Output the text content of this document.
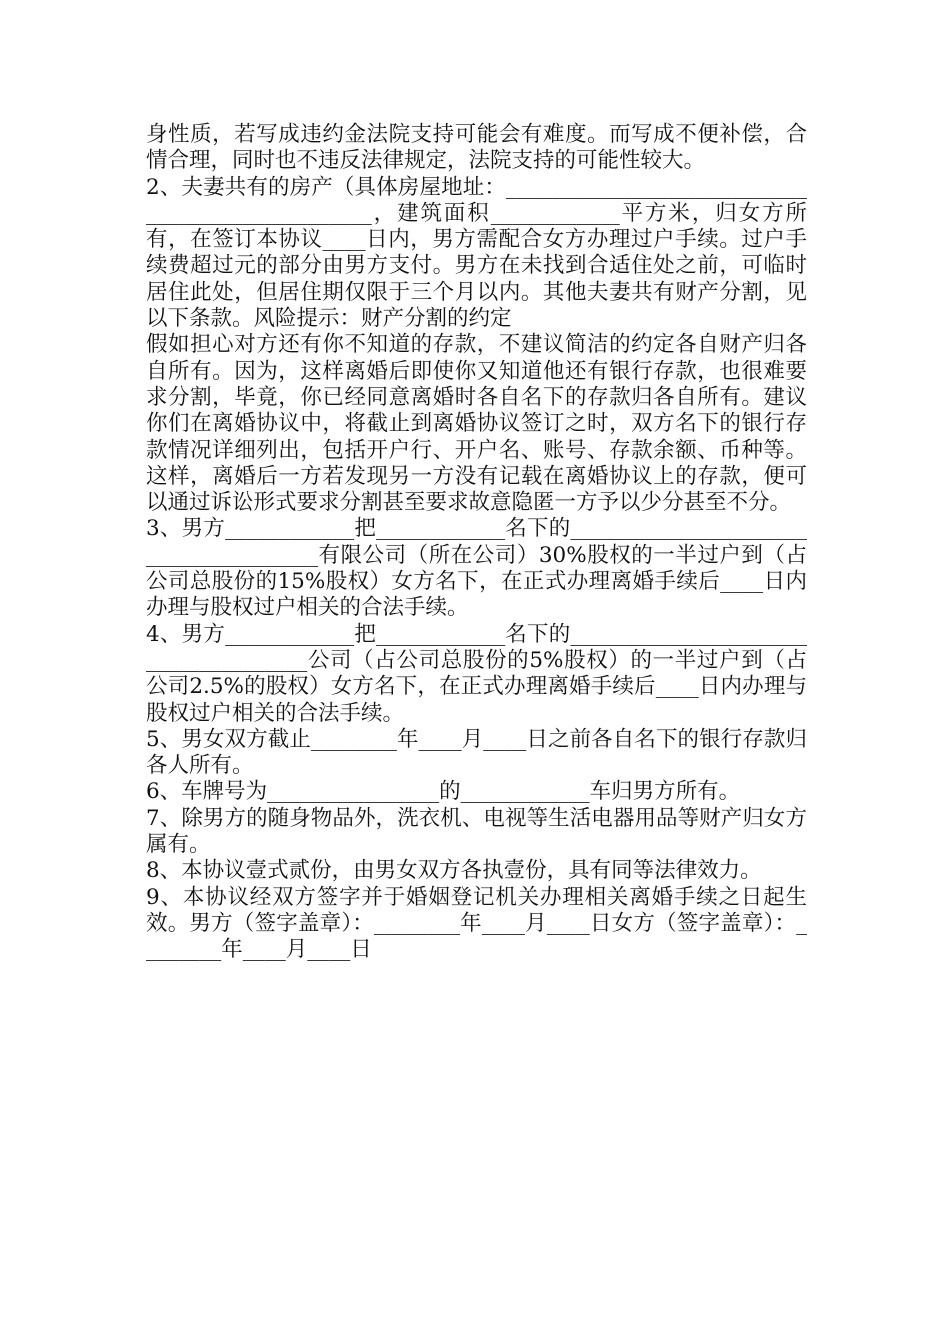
身性质，若写成违约金法院支持可能会有难度。而写成不便补偿，合情合理，同时也不违反法律规定，法院支持的可能性较大。

2、夫妻共有的房产（具体房屋地址：_________________________________________________，建筑面积____________平方米，归女方所有，在签订本协议____日内，男方需配合女方办理过户手续。过户手续费超过元的部分由男方支付。男方在未找到合适住处之前，可临时居住此处，但居住期仅限于三个月以内。其他夫妻共有财产分割，见以下条款。风险提示：财产分割的约定

假如担心对方还有你不知道的存款，不建议简洁的约定各自财产归各自所有。因为，这样离婚后即使你又知道他还有银行存款，也很难要求分割，毕竟，你已经同意离婚时各自名下的存款归各自所有。建议你们在离婚协议中，将截止到离婚协议签订之时，双方名下的银行存款情况详细列出，包括开户行、开户名、账号、存款余额、币种等。这样，离婚后一方若发现另一方没有记载在离婚协议上的存款，便可以通过诉讼形式要求分割甚至要求故意隐匿一方予以少分甚至不分。

3、男方____________把____________名下的______________________________________有限公司（所在公司）30%股权的一半过户到（占公司总股份的15%股权）女方名下，在正式办理离婚手续后____日内办理与股权过户相关的合法手续。

4、男方____________把____________名下的_____________________________________公司（占公司总股份的5%股权）的一半过户到（占公司2.5%的股权）女方名下，在正式办理离婚手续后____日内办理与股权过户相关的合法手续。

5、男女双方截止________年____月____日之前各自名下的银行存款归各人所有。

6、车牌号为________________的____________车归男方所有。

7、除男方的随身物品外，洗衣机、电视等生活电器用品等财产归女方属有。

8、本协议壹式贰份，由男女双方各执壹份，具有同等法律效力。

9、本协议经双方签字并于婚姻登记机关办理相关离婚手续之日起生效。男方（签字盖章）：________年____月____日女方（签字盖章）：________年____月____日
